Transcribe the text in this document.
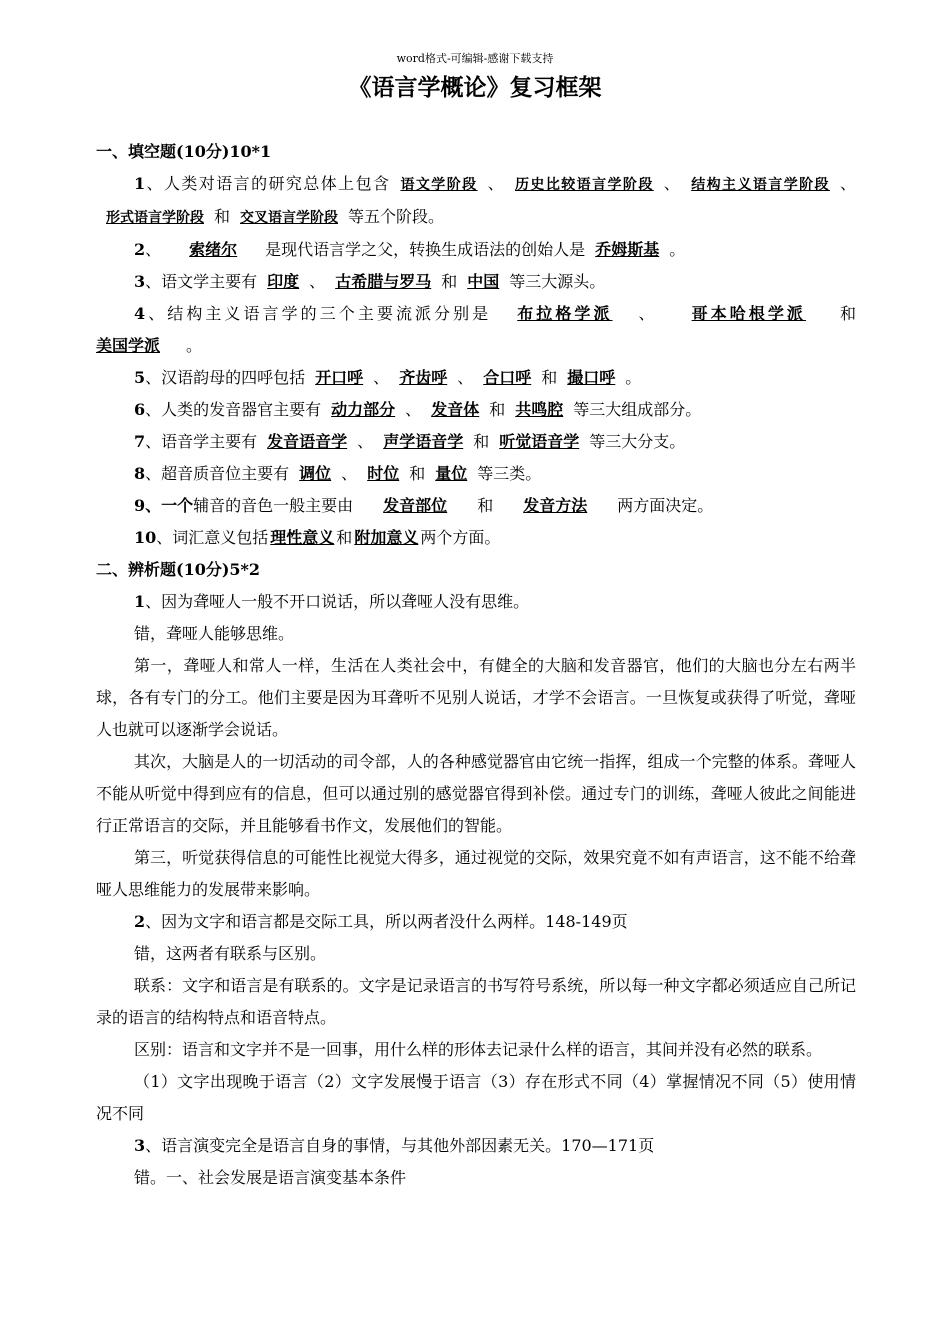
word格式-可编辑-感谢下载支持
《语言学概论》复习框架

一、填空题(10分)10*1

1、人类对语言的研究总体上包含 语文学阶段 、 历史比较语言学阶段 、 结构主义语言学阶段 、形式语言学阶段 和 交叉语言学阶段 等五个阶段。

2、 索绪尔 是现代语言学之父，转换生成语法的创始人是 乔姆斯基 。

3、语文学主要有 印度 、 古希腊与罗马 和 中国 等三大源头。

4、结构主义语言学的三个主要流派分别是 布拉格学派 、 哥本哈根学派 和美国学派 。

5、汉语韵母的四呼包括 开口呼 、 齐齿呼 、 合口呼 和 撮口呼 。

6、人类的发音器官主要有 动力部分 、 发音体 和 共鸣腔 等三大组成部分。

7、语音学主要有 发音语音学 、 声学语音学 和 听觉语音学 等三大分支。

8、超音质音位主要有 调位 、 时位 和 量位 等三类。

9、一个辅音的音色一般主要由 发音部位 和 发音方法 两方面决定。

10、词汇意义包括 理性意义 和 附加意义 两个方面。

二、辨析题(10分)5*2

1、因为聋哑人一般不开口说话，所以聋哑人没有思维。

错，聋哑人能够思维。

第一，聋哑人和常人一样，生活在人类社会中，有健全的大脑和发音器官，他们的大脑也分左右两半球，各有专门的分工。他们主要是因为耳聋听不见别人说话，才学不会语言。一旦恢复或获得了听觉，聋哑人也就可以逐渐学会说话。

其次，大脑是人的一切活动的司令部，人的各种感觉器官由它统一指挥，组成一个完整的体系。聋哑人不能从听觉中得到应有的信息，但可以通过别的感觉器官得到补偿。通过专门的训练，聋哑人彼此之间能进行正常语言的交际，并且能够看书作文，发展他们的智能。

第三，听觉获得信息的可能性比视觉大得多，通过视觉的交际，效果究竟不如有声语言，这不能不给聋哑人思维能力的发展带来影响。

2、因为文字和语言都是交际工具，所以两者没什么两样。148-149页

错，这两者有联系与区别。

联系：文字和语言是有联系的。文字是记录语言的书写符号系统，所以每一种文字都必须适应自己所记录的语言的结构特点和语音特点。

区别：语言和文字并不是一回事，用什么样的形体去记录什么样的语言，其间并没有必然的联系。

（1）文字出现晚于语言（2）文字发展慢于语言（3）存在形式不同（4）掌握情况不同（5）使用情况不同

3、语言演变完全是语言自身的事情，与其他外部因素无关。170—171页

错。一、社会发展是语言演变基本条件
